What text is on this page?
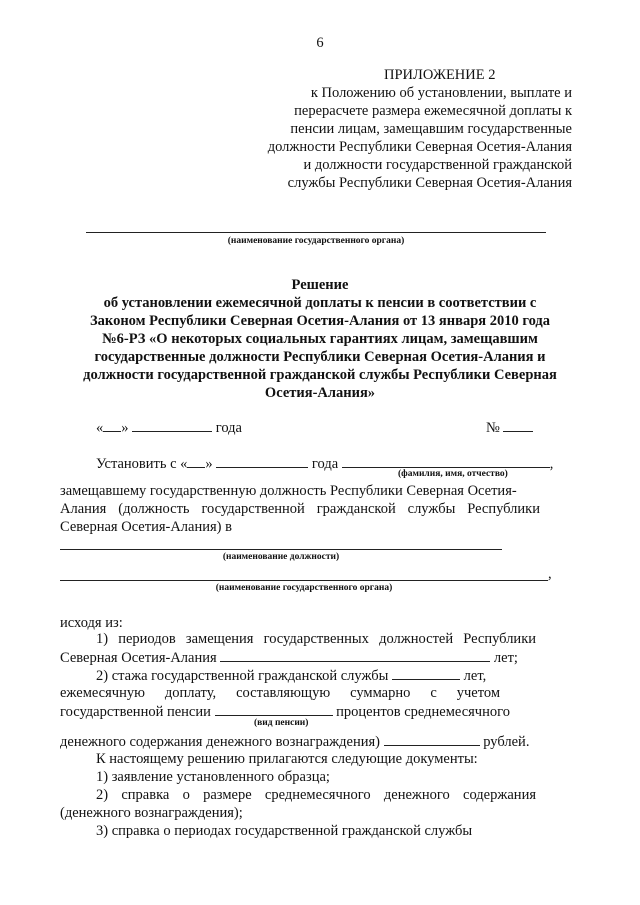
6
ПРИЛОЖЕНИЕ 2
к Положению об установлении, выплате и
перерасчете размера ежемесячной доплаты к
пенсии лицам, замещавшим государственные
должности Республики Северная Осетия-Алания
и должности государственной гражданской
службы Республики Северная Осетия-Алания
(наименование государственного органа)
Решение
об установлении ежемесячной доплаты к пенсии в соответствии с
Законом Республики Северная Осетия-Алания от 13 января 2010 года
№6-РЗ «О некоторых социальных гарантиях лицам, замещавшим
государственные должности Республики Северная Осетия-Алания и
должности государственной гражданской службы Республики Северная
Осетия-Алания»
« »	года	№
Установить с « »	года	,
(фамилия, имя, отчество)
замещавшему государственную должность Республики Северная Осетия-
Алания (должность государственной гражданской службы Республики
Северная Осетия-Алания) в
(наименование должности)
,
(наименование государственного органа)
исходя из:
1) периодов замещения государственных должностей Республики
Северная Осетия-Алания	лет;
2) стажа государственной гражданской службы	лет,
ежемесячную доплату, составляющую суммарно с учетом
государственной пенсии	процентов среднемесячного
(вид пенсии)
денежного содержания денежного вознаграждения)	рублей.
К настоящему решению прилагаются следующие документы:
1) заявление установленного образца;
2) справка о размере среднемесячного денежного содержания
(денежного вознаграждения);
3) справка о периодах государственной гражданской службы
